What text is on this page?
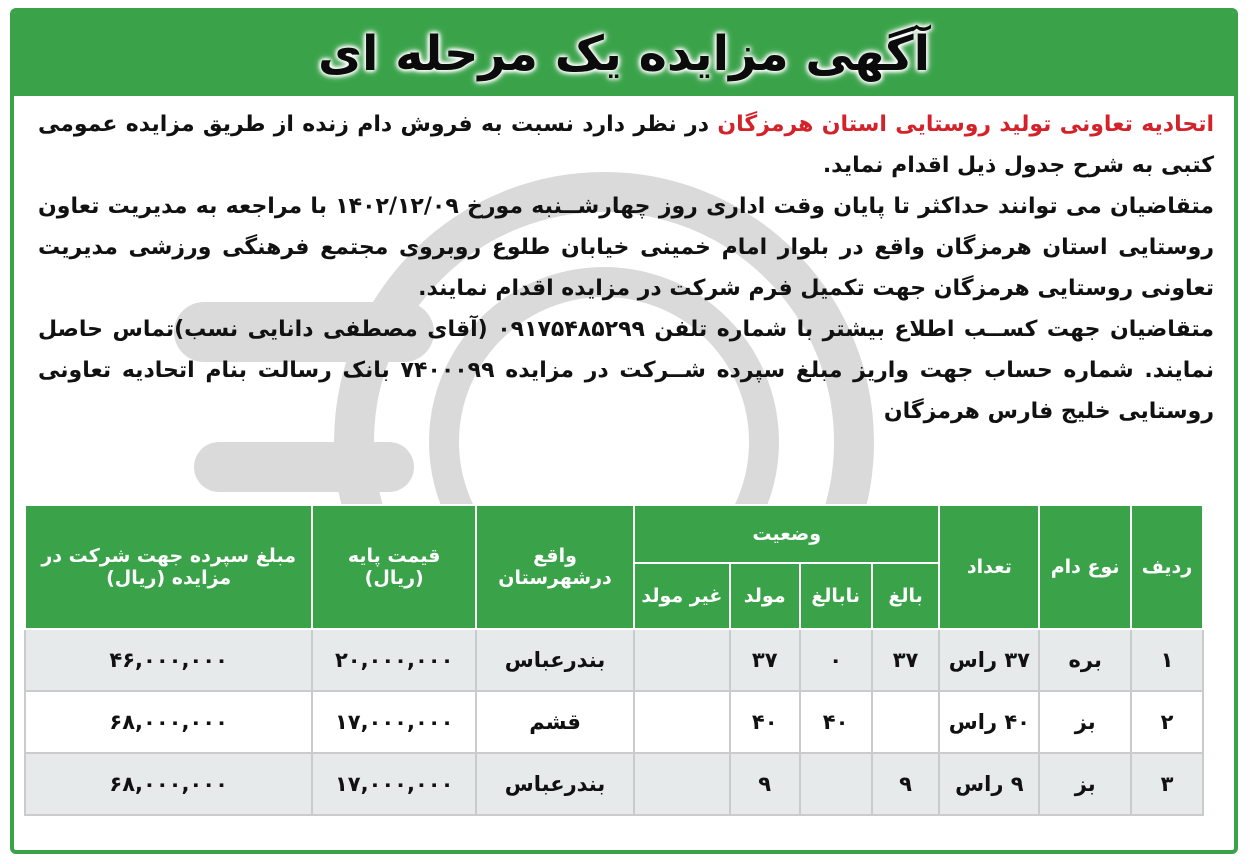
آگهی مزایده یک مرحله ای

اتحادیه تعاونی تولید روستایی استان هرمزگان در نظر دارد نسبت به فروش دام زنده از طریق مزایده عمومی کتبی به شرح جدول ذیل اقدام نماید.

متقاضیان می توانند حداکثر تا پایان وقت اداری روز چهارشــنبه مورخ ۱۴۰۲/۱۲/۰۹ با مراجعه به مدیریت تعاون روستایی استان هرمزگان واقع در بلوار امام خمینی خیابان طلوع روبروی مجتمع فرهنگی ورزشی مدیریت تعاونی روستایی هرمزگان جهت تکمیل فرم شرکت در مزایده اقدام نمایند.

متقاضیان جهت کســب اطلاع بیشتر با شماره تلفن ۰۹۱۷۵۴۸۵۲۹۹ (آقای مصطفی دانایی نسب)تماس حاصل نمایند. شماره حساب جهت واریز مبلغ سپرده شــرکت در مزایده ۷۴۰۰۰۹۹ بانک رسالت بنام اتحادیه تعاونی روستایی خلیج فارس هرمزگان

ردیف	نوع دام	تعداد	وضعیت				واقع درشهرستان	قیمت پایه (ریال)	مبلغ سپرده جهت شرکت در مزایده (ریال)
			بالغ	نابالغ	مولد	غیر مولد			
۱	بره	۳۷ راس	۳۷	۰	۳۷		بندرعباس	۲۰,۰۰۰,۰۰۰	۴۶,۰۰۰,۰۰۰
۲	بز	۴۰ راس		۴۰	۴۰		قشم	۱۷,۰۰۰,۰۰۰	۶۸,۰۰۰,۰۰۰
۳	بز	۹ راس	۹		۹		بندرعباس	۱۷,۰۰۰,۰۰۰	۶۸,۰۰۰,۰۰۰
